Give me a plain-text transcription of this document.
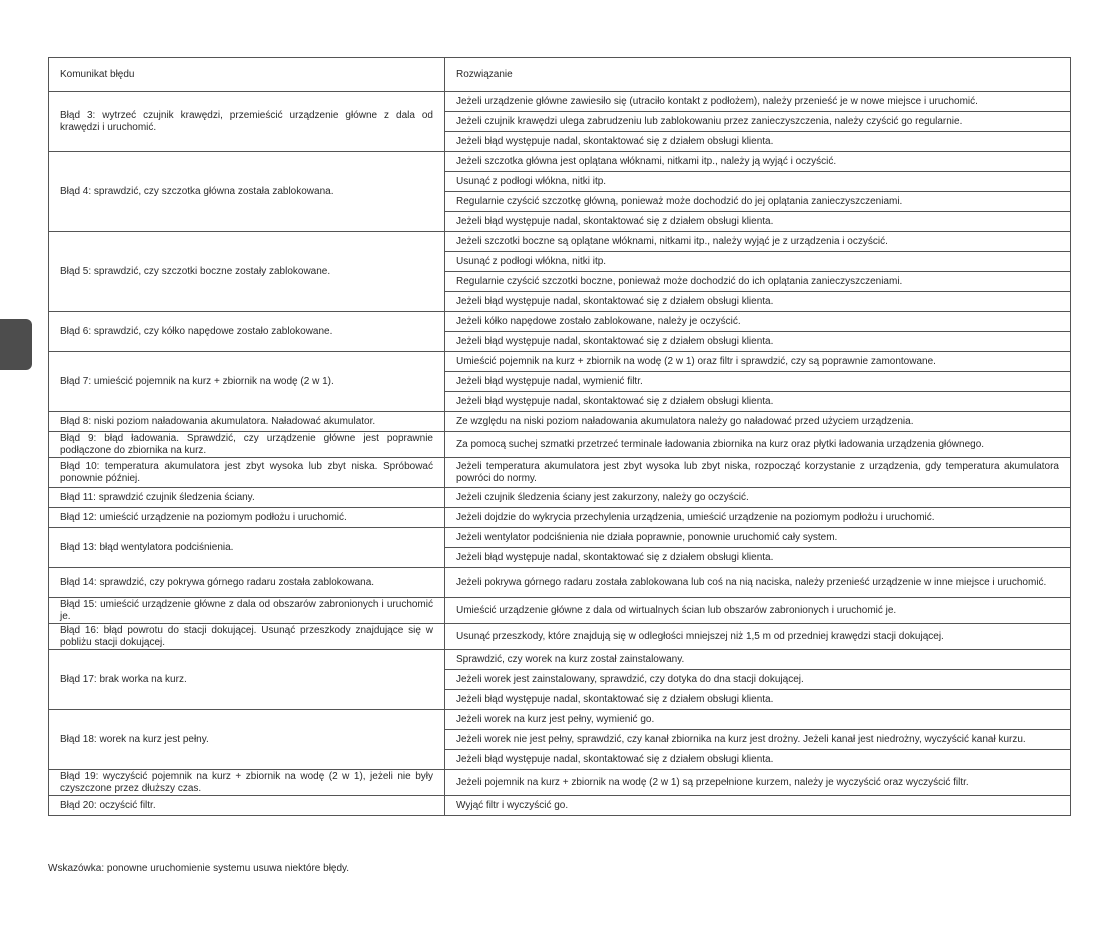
Komunikat błędu	Rozwiązanie
Błąd 3: wytrzeć czujnik krawędzi, przemieścić urządzenie główne z dala od krawędzi i uruchomić.	Jeżeli urządzenie główne zawiesiło się (utraciło kontakt z podłożem), należy przenieść je w nowe miejsce i uruchomić.
	Jeżeli czujnik krawędzi ulega zabrudzeniu lub zablokowaniu przez zanieczyszczenia, należy czyścić go regularnie.
	Jeżeli błąd występuje nadal, skontaktować się z działem obsługi klienta.
Błąd 4: sprawdzić, czy szczotka główna została zablokowana.	Jeżeli szczotka główna jest oplątana włóknami, nitkami itp., należy ją wyjąć i oczyścić.
	Usunąć z podłogi włókna, nitki itp.
	Regularnie czyścić szczotkę główną, ponieważ może dochodzić do jej oplątania zanieczyszczeniami.
	Jeżeli błąd występuje nadal, skontaktować się z działem obsługi klienta.
Błąd 5: sprawdzić, czy szczotki boczne zostały zablokowane.	Jeżeli szczotki boczne są oplątane włóknami, nitkami itp., należy wyjąć je z urządzenia i oczyścić.
	Usunąć z podłogi włókna, nitki itp.
	Regularnie czyścić szczotki boczne, ponieważ może dochodzić do ich oplątania zanieczyszczeniami.
	Jeżeli błąd występuje nadal, skontaktować się z działem obsługi klienta.
Błąd 6: sprawdzić, czy kółko napędowe zostało zablokowane.	Jeżeli kółko napędowe zostało zablokowane, należy je oczyścić.
	Jeżeli błąd występuje nadal, skontaktować się z działem obsługi klienta.
Błąd 7: umieścić pojemnik na kurz + zbiornik na wodę (2 w 1).	Umieścić pojemnik na kurz + zbiornik na wodę (2 w 1) oraz filtr i sprawdzić, czy są poprawnie zamontowane.
	Jeżeli błąd występuje nadal, wymienić filtr.
	Jeżeli błąd występuje nadal, skontaktować się z działem obsługi klienta.
Błąd 8: niski poziom naładowania akumulatora. Naładować akumulator.	Ze względu na niski poziom naładowania akumulatora należy go naładować przed użyciem urządzenia.
Błąd 9: błąd ładowania. Sprawdzić, czy urządzenie główne jest poprawnie podłączone do zbiornika na kurz.	Za pomocą suchej szmatki przetrzeć terminale ładowania zbiornika na kurz oraz płytki ładowania urządzenia głównego.
Błąd 10: temperatura akumulatora jest zbyt wysoka lub zbyt niska. Spróbować ponownie później.	Jeżeli temperatura akumulatora jest zbyt wysoka lub zbyt niska, rozpocząć korzystanie z urządzenia, gdy temperatura akumulatora powróci do normy.
Błąd 11: sprawdzić czujnik śledzenia ściany.	Jeżeli czujnik śledzenia ściany jest zakurzony, należy go oczyścić.
Błąd 12: umieścić urządzenie na poziomym podłożu i uruchomić.	Jeżeli dojdzie do wykrycia przechylenia urządzenia, umieścić urządzenie na poziomym podłożu i uruchomić.
Błąd 13: błąd wentylatora podciśnienia.	Jeżeli wentylator podciśnienia nie działa poprawnie, ponownie uruchomić cały system.
	Jeżeli błąd występuje nadal, skontaktować się z działem obsługi klienta.
Błąd 14: sprawdzić, czy pokrywa górnego radaru została zablokowana.	Jeżeli pokrywa górnego radaru została zablokowana lub coś na nią naciska, należy przenieść urządzenie w inne miejsce i uruchomić.
Błąd 15: umieścić urządzenie główne z dala od obszarów zabronionych i uruchomić je.	Umieścić urządzenie główne z dala od wirtualnych ścian lub obszarów zabronionych i uruchomić je.
Błąd 16: błąd powrotu do stacji dokującej. Usunąć przeszkody znajdujące się w pobliżu stacji dokującej.	Usunąć przeszkody, które znajdują się w odległości mniejszej niż 1,5 m od przedniej krawędzi stacji dokującej.
Błąd 17: brak worka na kurz.	Sprawdzić, czy worek na kurz został zainstalowany.
	Jeżeli worek jest zainstalowany, sprawdzić, czy dotyka do dna stacji dokującej.
	Jeżeli błąd występuje nadal, skontaktować się z działem obsługi klienta.
Błąd 18: worek na kurz jest pełny.	Jeżeli worek na kurz jest pełny, wymienić go.
	Jeżeli worek nie jest pełny, sprawdzić, czy kanał zbiornika na kurz jest drożny. Jeżeli kanał jest niedrożny, wyczyścić kanał kurzu.
	Jeżeli błąd występuje nadal, skontaktować się z działem obsługi klienta.
Błąd 19: wyczyścić pojemnik na kurz + zbiornik na wodę (2 w 1), jeżeli nie były czyszczone przez dłuższy czas.	Jeżeli pojemnik na kurz + zbiornik na wodę (2 w 1) są przepełnione kurzem, należy je wyczyścić oraz wyczyścić filtr.
Błąd 20: oczyścić filtr.	Wyjąć filtr i wyczyścić go.
Wskazówka: ponowne uruchomienie systemu usuwa niektóre błędy.
